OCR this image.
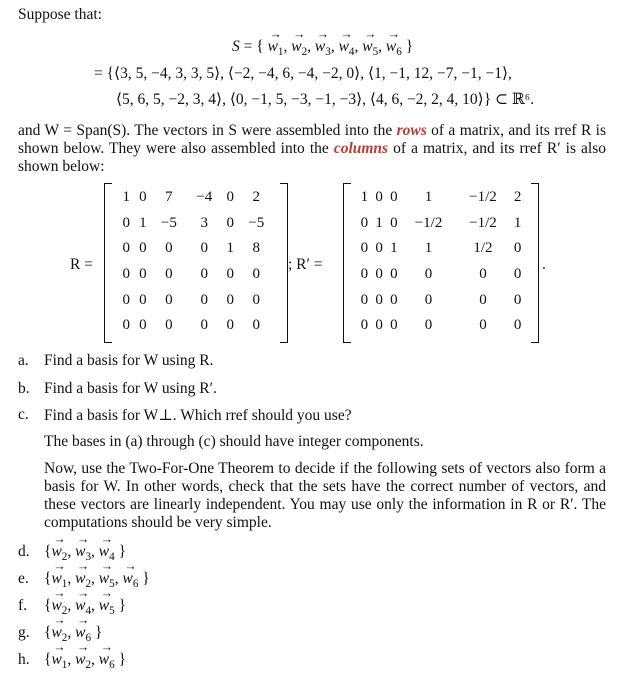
Suppose that:
S = { → $w_1$, → $w_2$, → $w_3$, → $w_4$, → $w_5$, → $w_6$ }
= {⟨3, 5, −4, 3, 3, 5⟩, ⟨−2, −4, 6, −4, −2, 0⟩, ⟨1, −1, 12, −7, −1, −1⟩,
⟨5, 6, 5, −2, 3, 4⟩, ⟨0, −1, 5, −3, −1, −3⟩, ⟨4, 6, −2, 2, 4, 10⟩} ⊂ ℝ⁶.
and W = Span(S). The vectors in S were assembled into the rows of a matrix, and its rref R is shown below. They were also assembled into the columns of a matrix, and its rref R′ is also shown below:
R =
1	0	7	−4	0	2
0	1	−5	3	0	−5
0	0	0	0	1	8
0	0	0	0	0	0
0	0	0	0	0	0
0	0	0	0	0	0
; R′ =
1	0	0	1	−1/2	2
0	1	0	−1/2	−1/2	1
0	0	1	1	1/2	0
0	0	0	0	0	0
0	0	0	0	0	0
0	0	0	0	0	0
.
a. Find a basis for W using R.
b. Find a basis for W using R′.
c. Find a basis for W⊥. Which rref should you use?
The bases in (a) through (c) should have integer components.
Now, use the Two-For-One Theorem to decide if the following sets of vectors also form a basis for W. In other words, check that the sets have the correct number of vectors, and these vectors are linearly independent. You may use only the information in R or R′. The computations should be very simple.
d. {→ $w_2$, → $w_3$, → $w_4$ }
e. {→ $w_1$, → $w_2$, → $w_5$, → $w_6$ }
f. {→ $w_2$, → $w_4$, → $w_5$ }
g. {→ $w_2$, → $w_6$ }
h. {→ $w_1$, → $w_2$, → $w_6$ }
